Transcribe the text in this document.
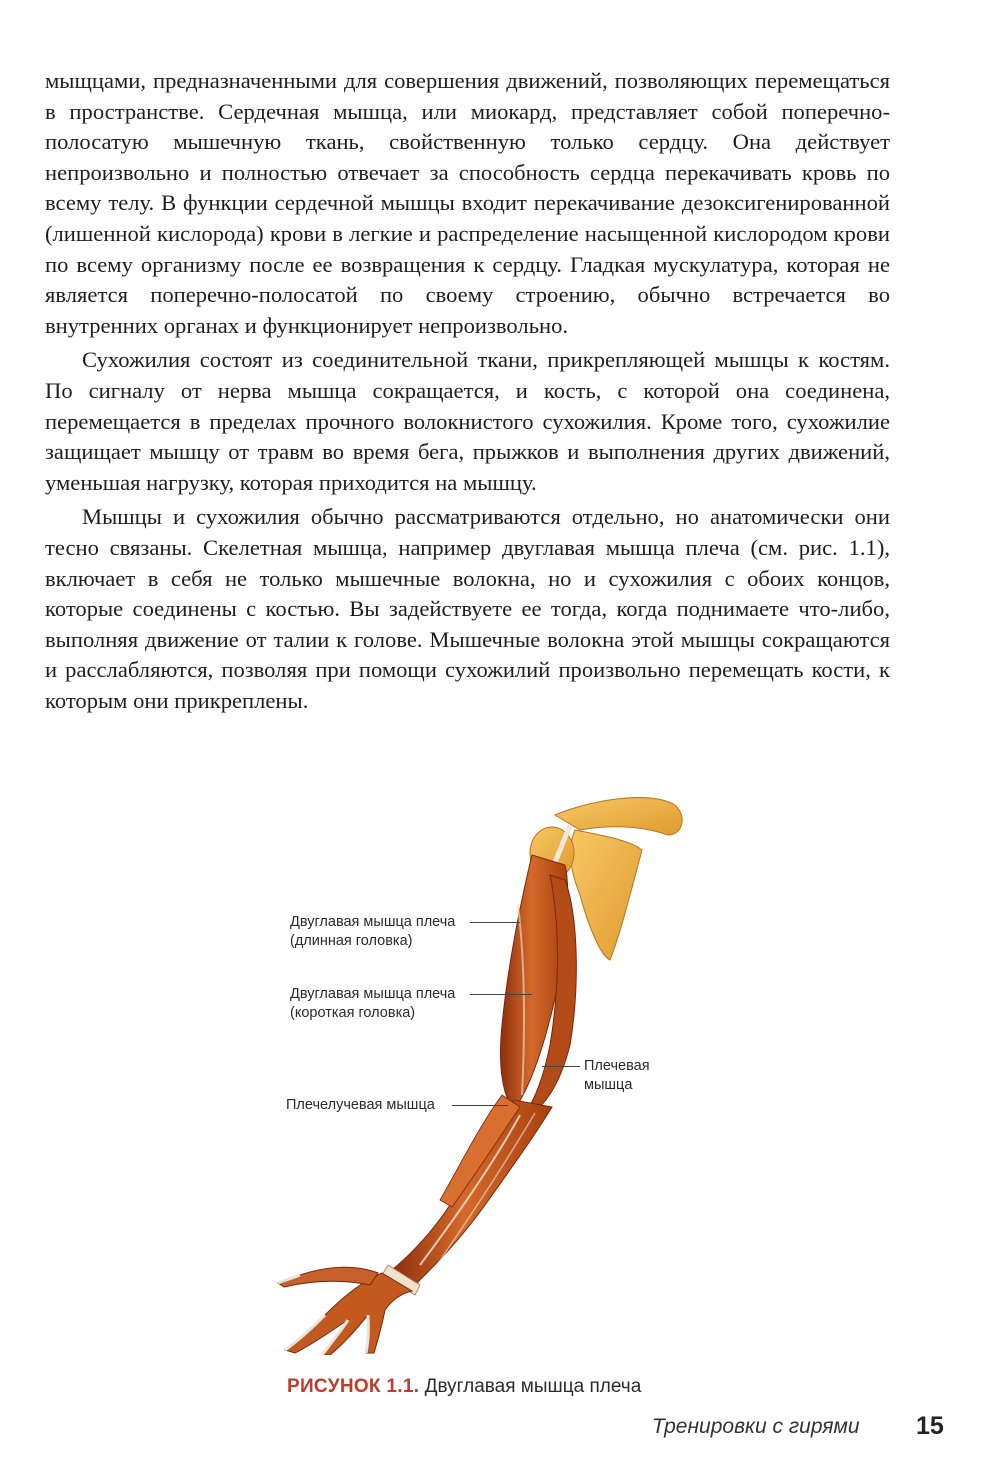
мыщцами, предназначенными для совершения движений, позволяющих перемещаться в пространстве. Сердечная мышца, или миокард, представляет собой поперечно-полосатую мышечную ткань, свойственную только сердцу. Она действует непроизвольно и полностью отвечает за способность сердца перекачивать кровь по всему телу. В функции сердечной мышцы входит перекачивание дезоксигенированной (лишенной кислорода) крови в легкие и распределение насыщенной кислородом крови по всему организму после ее возвращения к сердцу. Гладкая мускулатура, которая не является поперечно-полосатой по своему строению, обычно встречается во внутренних органах и функционирует непроизвольно.

Сухожилия состоят из соединительной ткани, прикрепляющей мышцы к костям. По сигналу от нерва мышца сокращается, и кость, с которой она соединена, перемещается в пределах прочного волокнистого сухожилия. Кроме того, сухожилие защищает мышцу от травм во время бега, прыжков и выполнения других движений, уменьшая нагрузку, которая приходится на мышцу.

Мышцы и сухожилия обычно рассматриваются отдельно, но анатомически они тесно связаны. Скелетная мышца, например двуглавая мышца плеча (см. рис. 1.1), включает в себя не только мышечные волокна, но и сухожилия с обоих концов, которые соединены с костью. Вы задействуете ее тогда, когда поднимаете что-либо, выполняя движение от талии к голове. Мышечные волокна этой мышцы сокращаются и расслабляются, позволяя при помощи сухожилий произвольно перемещать кости, к которым они прикреплены.

Двуглавая мышца плеча
(длинная головка)
Двуглавая мышца плеча
(короткая головка)
Плечелучевая мышца
Плечевая
мышца
РИСУНОК 1.1. Двуглавая мышца плеча
Тренировки с гирями 15
